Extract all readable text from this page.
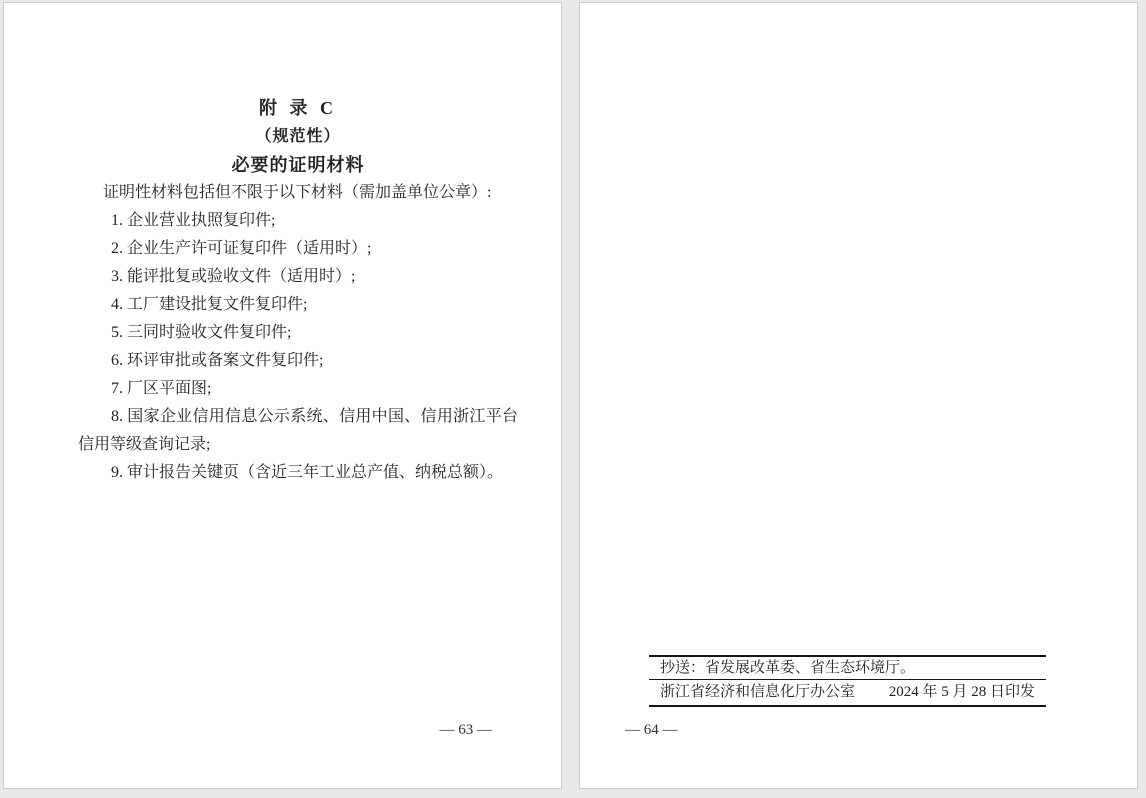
附 录 C
（规范性）
必要的证明材料

证明性材料包括但不限于以下材料（需加盖单位公章）:

1. 企业营业执照复印件;

2. 企业生产许可证复印件（适用时）;

3. 能评批复或验收文件（适用时）;

4. 工厂建设批复文件复印件;

5. 三同时验收文件复印件;

6. 环评审批或备案文件复印件;

7. 厂区平面图;

8. 国家企业信用信息公示系统、信用中国、信用浙江平台信用等级查询记录;

9. 审计报告关键页（含近三年工业总产值、纳税总额）。

— 63 —
抄送：省发展改革委、省生态环境厅。
浙江省经济和信息化厅办公室 2024 年 5 月 28 日印发
— 64 —
